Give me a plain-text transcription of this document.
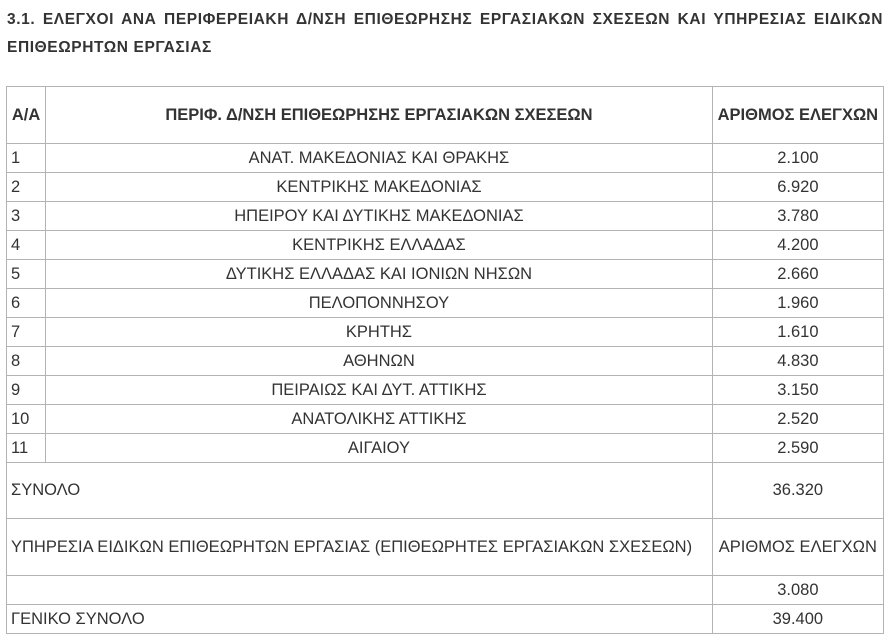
3.1. ΕΛΕΓΧΟΙ ΑΝΑ ΠΕΡΙΦΕΡΕΙΑΚΗ Δ/ΝΣΗ ΕΠΙΘΕΩΡΗΣΗΣ ΕΡΓΑΣΙΑΚΩΝ ΣΧΕΣΕΩΝ ΚΑΙ ΥΠΗΡΕΣΙΑΣ ΕΙΔΙΚΩΝ ΕΠΙΘΕΩΡΗΤΩΝ ΕΡΓΑΣΙΑΣ
Α/Α	ΠΕΡΙΦ. Δ/ΝΣΗ ΕΠΙΘΕΩΡΗΣΗΣ ΕΡΓΑΣΙΑΚΩΝ ΣΧΕΣΕΩΝ	ΑΡΙΘΜΟΣ ΕΛΕΓΧΩΝ
1	ΑΝΑΤ. ΜΑΚΕΔΟΝΙΑΣ ΚΑΙ ΘΡΑΚΗΣ	2.100
2	ΚΕΝΤΡΙΚΗΣ ΜΑΚΕΔΟΝΙΑΣ	6.920
3	ΗΠΕΙΡΟΥ ΚΑΙ ΔΥΤΙΚΗΣ ΜΑΚΕΔΟΝΙΑΣ	3.780
4	ΚΕΝΤΡΙΚΗΣ ΕΛΛΑΔΑΣ	4.200
5	ΔΥΤΙΚΗΣ ΕΛΛΑΔΑΣ ΚΑΙ ΙΟΝΙΩΝ ΝΗΣΩΝ	2.660
6	ΠΕΛΟΠΟΝΝΗΣΟΥ	1.960
7	ΚΡΗΤΗΣ	1.610
8	ΑΘΗΝΩΝ	4.830
9	ΠΕΙΡΑΙΩΣ ΚΑΙ ΔΥΤ. ΑΤΤΙΚΗΣ	3.150
10	ΑΝΑΤΟΛΙΚΗΣ ΑΤΤΙΚΗΣ	2.520
11	ΑΙΓΑΙΟΥ	2.590
ΣΥΝΟΛΟ		36.320
ΥΠΗΡΕΣΙΑ ΕΙΔΙΚΩΝ ΕΠΙΘΕΩΡΗΤΩΝ ΕΡΓΑΣΙΑΣ (ΕΠΙΘΕΩΡΗΤΕΣ ΕΡΓΑΣΙΑΚΩΝ ΣΧΕΣΕΩΝ)		ΑΡΙΘΜΟΣ ΕΛΕΓΧΩΝ
		3.080
ΓΕΝΙΚΟ ΣΥΝΟΛΟ		39.400
